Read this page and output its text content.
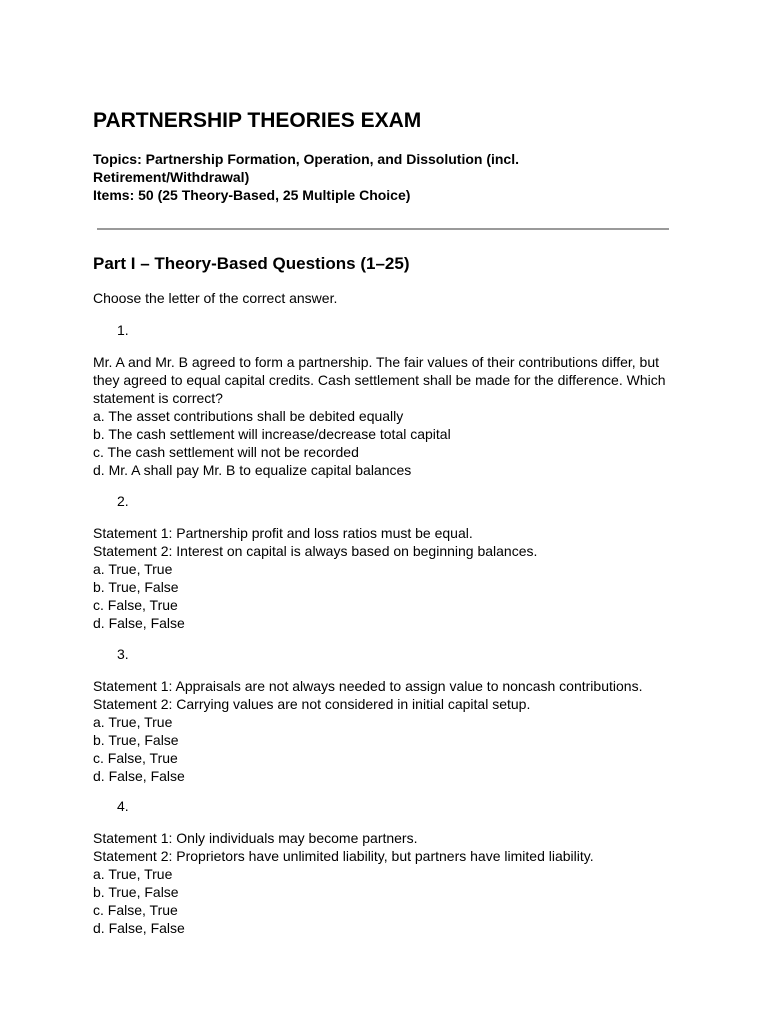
PARTNERSHIP THEORIES EXAM
Topics: Partnership Formation, Operation, and Dissolution (incl.
Retirement/Withdrawal)
Items: 50 (25 Theory-Based, 25 Multiple Choice)
Part I – Theory-Based Questions (1–25)
Choose the letter of the correct answer.
1.
Mr. A and Mr. B agreed to form a partnership. The fair values of their contributions differ, but
they agreed to equal capital credits. Cash settlement shall be made for the difference. Which
statement is correct?
a. The asset contributions shall be debited equally
b. The cash settlement will increase/decrease total capital
c. The cash settlement will not be recorded
d. Mr. A shall pay Mr. B to equalize capital balances
2.
Statement 1: Partnership profit and loss ratios must be equal.
Statement 2: Interest on capital is always based on beginning balances.
a. True, True
b. True, False
c. False, True
d. False, False
3.
Statement 1: Appraisals are not always needed to assign value to noncash contributions.
Statement 2: Carrying values are not considered in initial capital setup.
a. True, True
b. True, False
c. False, True
d. False, False
4.
Statement 1: Only individuals may become partners.
Statement 2: Proprietors have unlimited liability, but partners have limited liability.
a. True, True
b. True, False
c. False, True
d. False, False
